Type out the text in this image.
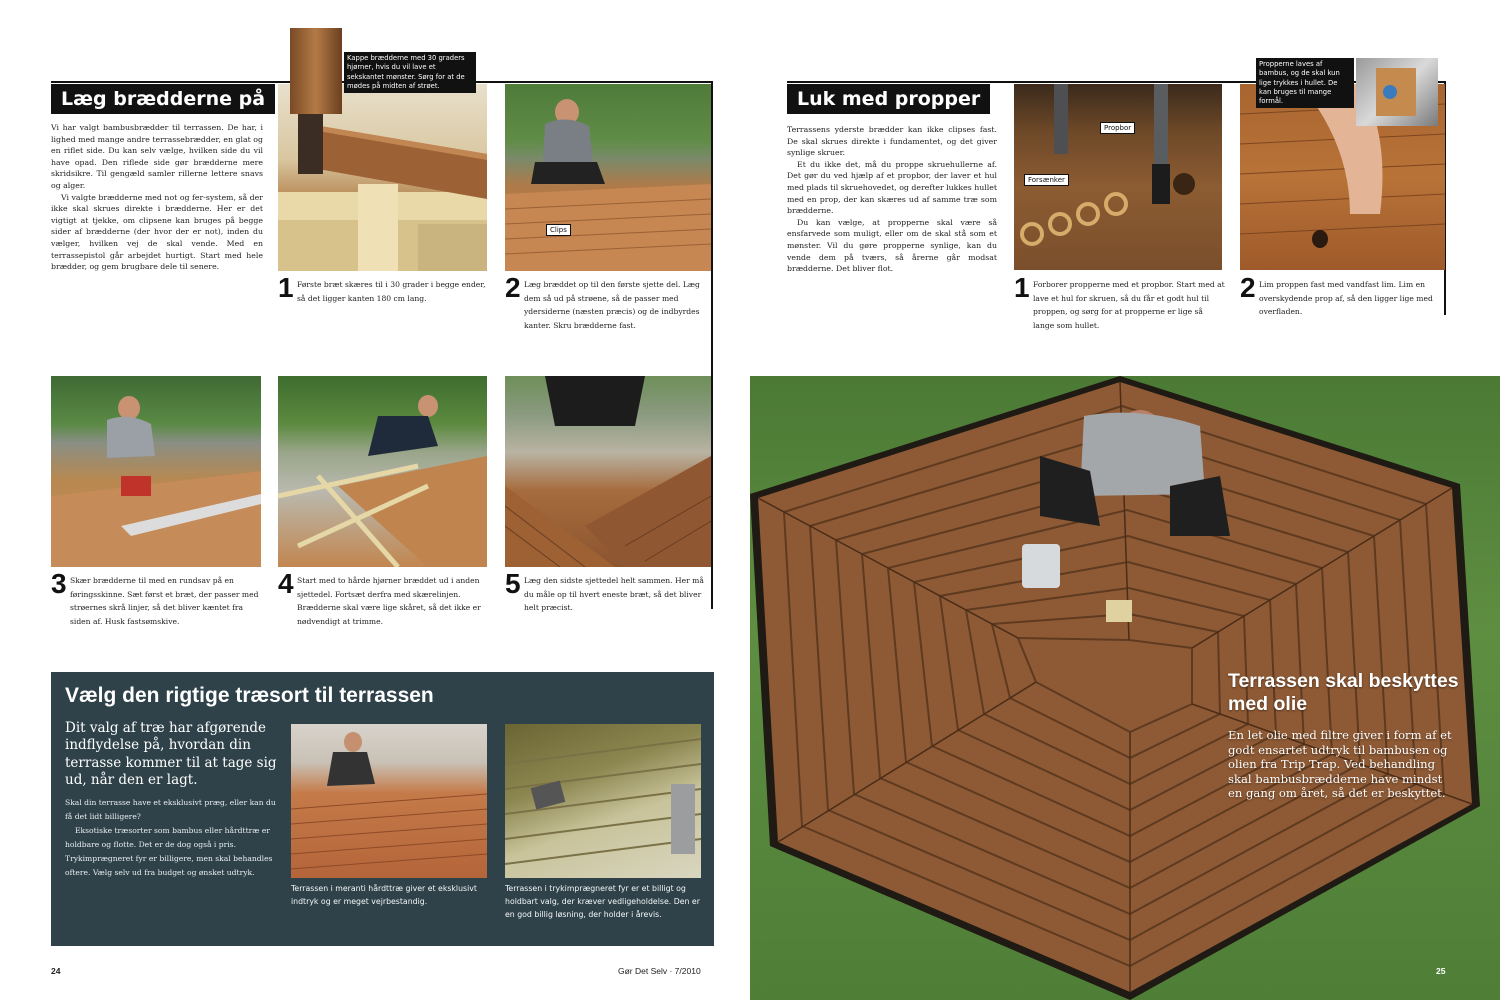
Læg brædderne på

Vi har valgt bambusbrædder til terrassen. De har, i lighed med mange andre terrassebrædder, en glat og en riflet side. Du kan selv vælge, hvilken side du vil have opad. Den riflede side gør brædderne mere skridsikre. Til gengæld samler rillerne lettere snavs og alger.

Vi valgte brædderne med not og fer-system, så der ikke skal skrues direkte i brædderne. Her er det vigtigt at tjekke, om clipsene kan bruges på begge sider af brædderne (der hvor der er not), inden du vælger, hvilken vej de skal vende. Med en terrassepistol går arbejdet hurtigt. Start med hele brædder, og gem brugbare dele til senere.

Kappe brædderne med 30 graders hjørner, hvis du vil lave et sekskantet mønster. Sørg for at de mødes på midten af strøet.
Clips
1 Første bræt skæres til i 30 grader i begge ender, så det ligger kanten 180 cm lang.	2 Læg bræddet op til den første sjette del. Læg dem så ud på strøene, så de passer med ydersiderne (næsten præcis) og de indbyrdes kanter. Skru brædderne fast.
3 Skær brædderne til med en rundsav på en føringsskinne. Sæt først et bræt, der passer med strøernes skrå linjer, så det bliver kæntet fra siden af. Husk fastsømskive.
4 Start med to hårde hjørner bræddet ud i anden sjettedel. Fortsæt derfra med skærelinjen. Brædderne skal være lige skåret, så det ikke er nødvendigt at trimme.
5 Læg den sidste sjettedel helt sammen. Her må du måle op til hvert eneste bræt, så det bliver helt præcist.
Vælg den rigtige træsort til terrassen
Dit valg af træ har afgørende indflydelse på, hvordan din terrasse kommer til at tage sig ud, når den er lagt.

Skal din terrasse have et eksklusivt præg, eller kan du få det lidt billigere?

Eksotiske træsorter som bambus eller hårdttræ er holdbare og flotte. Det er de dog også i pris. Trykimprægneret fyr er billigere, men skal behandles oftere. Vælg selv ud fra budget og ønsket udtryk.

Terrassen i meranti hårdttræ giver et eksklusivt indtryk og er meget vejrbestandig.
Terrassen i trykimprægneret fyr er et billigt og holdbart valg, der kræver vedligeholdelse. Den er en god billig løsning, der holder i årevis.
24	Gør Det Selv · 7/2010
Luk med propper

Terrassens yderste brædder kan ikke clipses fast. De skal skrues direkte i fundamentet, og det giver synlige skruer.

Et du ikke det, må du proppe skruehullerne af. Det gør du ved hjælp af et propbor, der laver et hul med plads til skruehovedet, og derefter lukkes hullet med en prop, der kan skæres ud af samme træ som brædderne.

Du kan vælge, at propperne skal være så ensfarvede som muligt, eller om de skal stå som et mønster. Vil du gøre propperne synlige, kan du vende dem på tværs, så årerne går modsat brædderne. Det bliver flot.

Propbor
Forsænker
Propperne laves af bambus, og de skal kun lige trykkes i hullet. De kan bruges til mange formål.
1 Forborer propperne med et propbor. Start med at lave et hul for skruen, så du får et godt hul til proppen, og sørg for at propperne er lige så lange som hullet.
2 Lim proppen fast med vandfast lim. Lim en overskydende prop af, så den ligger lige med overfladen.
Terrassen skal beskyttes med olie
En let olie med filtre giver i form af et godt ensartet udtryk til bambusen og olien fra Trip Trap. Ved behandling skal bambusbrædderne have mindst en gang om året, så det er beskyttet.
25
